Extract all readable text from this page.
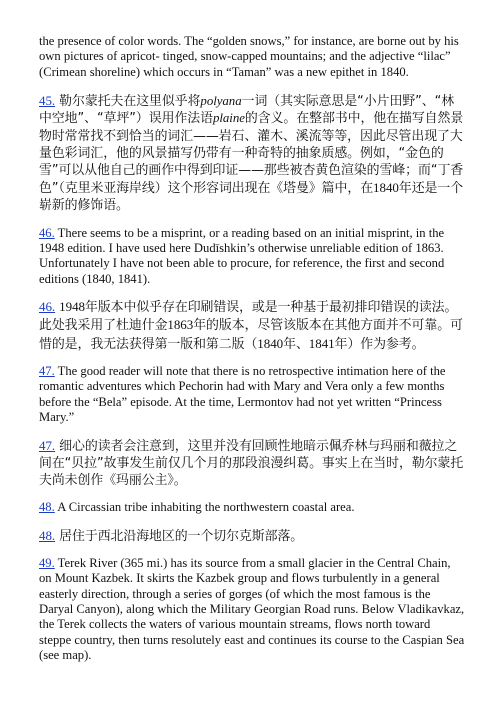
the presence of color words. The “golden snows,” for instance, are borne out by his own pictures of apricot- tinged, snow-capped mountains; and the adjective “lilac” (Crimean shoreline) which occurs in “Taman” was a new epithet in 1840.

45. 勒尔蒙托夫在这里似乎将polyana一词（其实际意思是“小片田野”、“林中空地”、“草坪”）误用作法语plaine的含义。在整部书中，他在描写自然景物时常常找不到恰当的词汇——岩石、灌木、溪流等等，因此尽管出现了大量色彩词汇，他的风景描写仍带有一种奇特的抽象质感。例如，“金色的雪”可以从他自己的画作中得到印证——那些被杏黄色渲染的雪峰；而“丁香色”（克里米亚海岸线）这个形容词出现在《塔曼》篇中，在1840年还是一个崭新的修饰语。

46. There seems to be a misprint, or a reading based on an initial misprint, in the 1948 edition. I have used here Dudīshkin’s otherwise unreliable edition of 1863. Unfortunately I have not been able to procure, for reference, the first and second editions (1840, 1841).

46. 1948年版本中似乎存在印刷错误，或是一种基于最初排印错误的读法。此处我采用了杜迪什金1863年的版本，尽管该版本在其他方面并不可靠。可惜的是，我无法获得第一版和第二版（1840年、1841年）作为参考。

47. The good reader will note that there is no retrospective intimation here of the romantic adventures which Pechorin had with Mary and Vera only a few months before the “Bela” episode. At the time, Lermontov had not yet written “Princess Mary.”

47. 细心的读者会注意到，这里并没有回顾性地暗示佩乔林与玛丽和薇拉之间在“贝拉”故事发生前仅几个月的那段浪漫纠葛。事实上在当时，勒尔蒙托夫尚未创作《玛丽公主》。

48. A Circassian tribe inhabiting the northwestern coastal area.

48. 居住于西北沿海地区的一个切尔克斯部落。

49. Terek River (365 mi.) has its source from a small glacier in the Central Chain, on Mount Kazbek. It skirts the Kazbek group and flows turbulently in a general easterly direction, through a series of gorges (of which the most famous is the Daryal Canyon), along which the Military Georgian Road runs. Below Vladikavkaz, the Terek collects the waters of various mountain streams, flows north toward steppe country, then turns resolutely east and continues its course to the Caspian Sea (see map).
